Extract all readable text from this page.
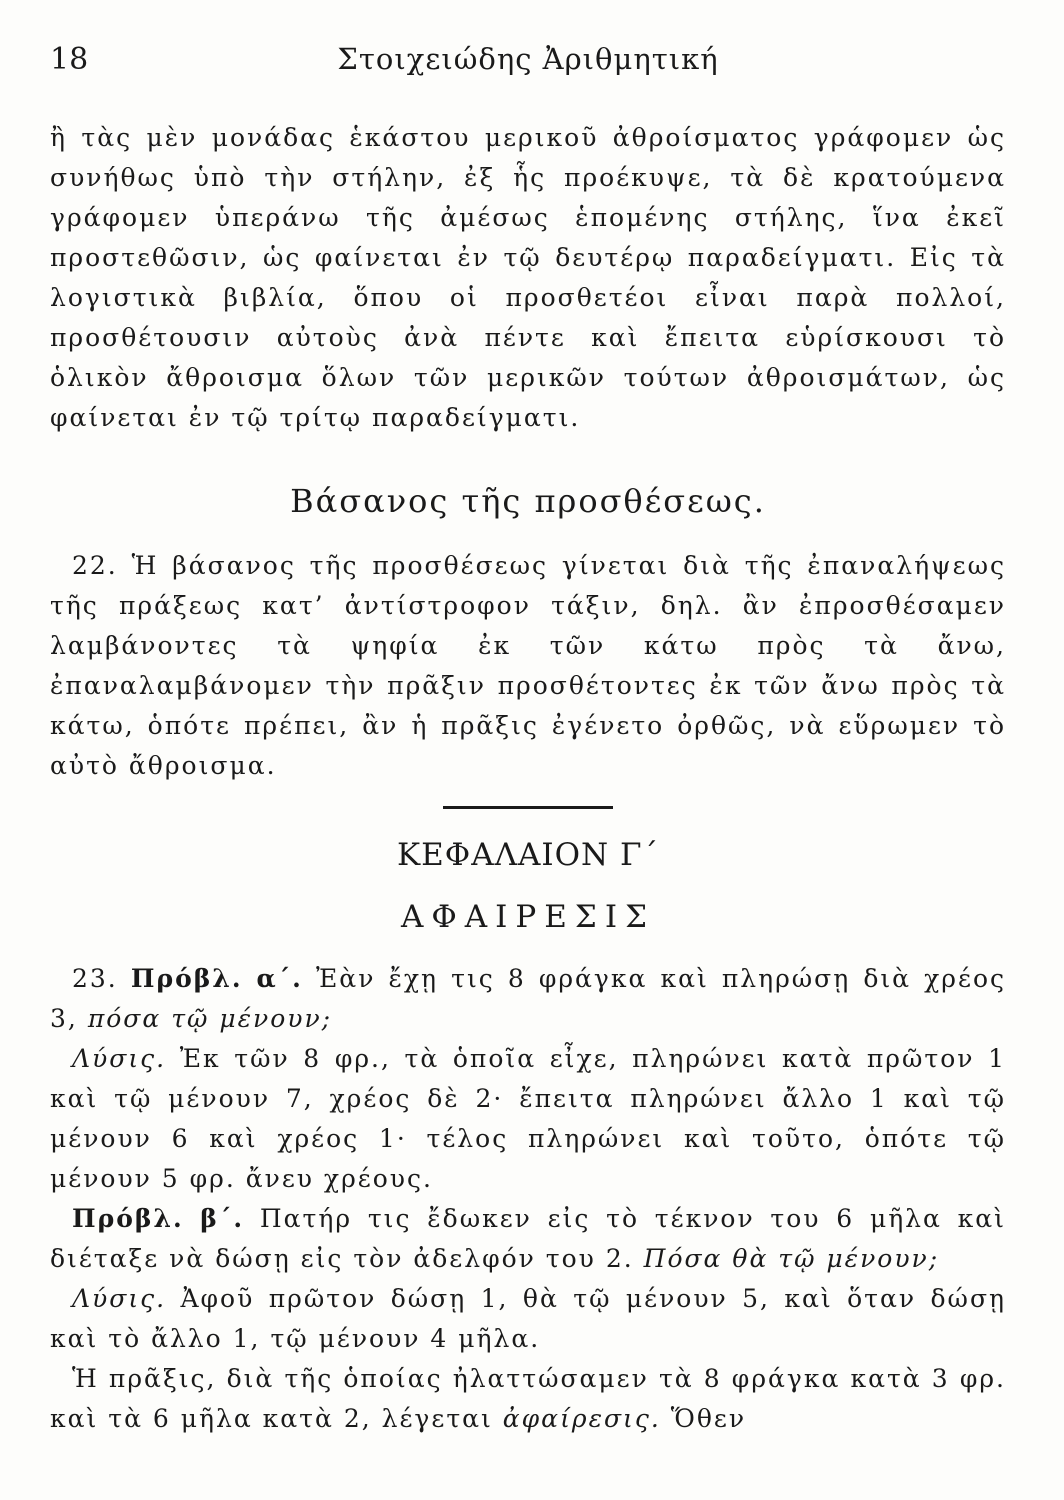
18	Στοιχειώδης Ἀριθμητική

ἢ τὰς μὲν μονάδας ἑκάστου μερικοῦ ἀθροίσματος γράφομεν ὡς συνήθως ὑπὸ τὴν στήλην, ἐξ ἧς προέκυψε, τὰ δὲ κρατούμενα γράφομεν ὑπεράνω τῆς ἀμέσως ἑπομένης στήλης, ἵνα ἐκεῖ προστεθῶσιν, ὡς φαίνεται ἐν τῷ δευτέρῳ παραδείγματι. Εἰς τὰ λογιστικὰ βιβλία, ὅπου οἱ προσθετέοι εἶναι παρὰ πολλοί, προσθέτουσιν αὐτοὺς ἀνὰ πέντε καὶ ἔπειτα εὑρίσκουσι τὸ ὁλικὸν ἄθροισμα ὅλων τῶν μερικῶν τούτων ἀθροισμάτων, ὡς φαίνεται ἐν τῷ τρίτῳ παραδείγματι.

Βάσανος τῆς προσθέσεως.

22. Ἡ βάσανος τῆς προσθέσεως γίνεται διὰ τῆς ἐπαναλήψεως τῆς πράξεως κατ’ ἀντίστροφον τάξιν, δηλ. ἂν ἐπροσθέσαμεν λαμβάνοντες τὰ ψηφία ἐκ τῶν κάτω πρὸς τὰ ἄνω, ἐπαναλαμβάνομεν τὴν πρᾶξιν προσθέτοντες ἐκ τῶν ἄνω πρὸς τὰ κάτω, ὁπότε πρέπει, ἂν ἡ πρᾶξις ἐγένετο ὀρθῶς, νὰ εὕρωμεν τὸ αὐτὸ ἄθροισμα.

ΚΕΦΑΛΑΙΟΝ Γ΄
ΑΦΑΙΡΕΣΙΣ

23. Πρόβλ. α΄. Ἐὰν ἔχῃ τις 8 φράγκα καὶ πληρώσῃ διὰ χρέος 3, πόσα τῷ μένουν;

Λύσις. Ἐκ τῶν 8 φρ., τὰ ὁποῖα εἶχε, πληρώνει κατὰ πρῶτον 1 καὶ τῷ μένουν 7, χρέος δὲ 2· ἔπειτα πληρώνει ἄλλο 1 καὶ τῷ μένουν 6 καὶ χρέος 1· τέλος πληρώνει καὶ τοῦτο, ὁπότε τῷ μένουν 5 φρ. ἄνευ χρέους.

Πρόβλ. β΄. Πατήρ τις ἔδωκεν εἰς τὸ τέκνον του 6 μῆλα καὶ διέταξε νὰ δώσῃ εἰς τὸν ἀδελφόν του 2. Πόσα θὰ τῷ μένουν;

Λύσις. Ἀφοῦ πρῶτον δώσῃ 1, θὰ τῷ μένουν 5, καὶ ὅταν δώσῃ καὶ τὸ ἄλλο 1, τῷ μένουν 4 μῆλα.

Ἡ πρᾶξις, διὰ τῆς ὁποίας ἠλαττώσαμεν τὰ 8 φράγκα κατὰ 3 φρ. καὶ τὰ 6 μῆλα κατὰ 2, λέγεται ἀφαίρεσις. Ὅθεν
